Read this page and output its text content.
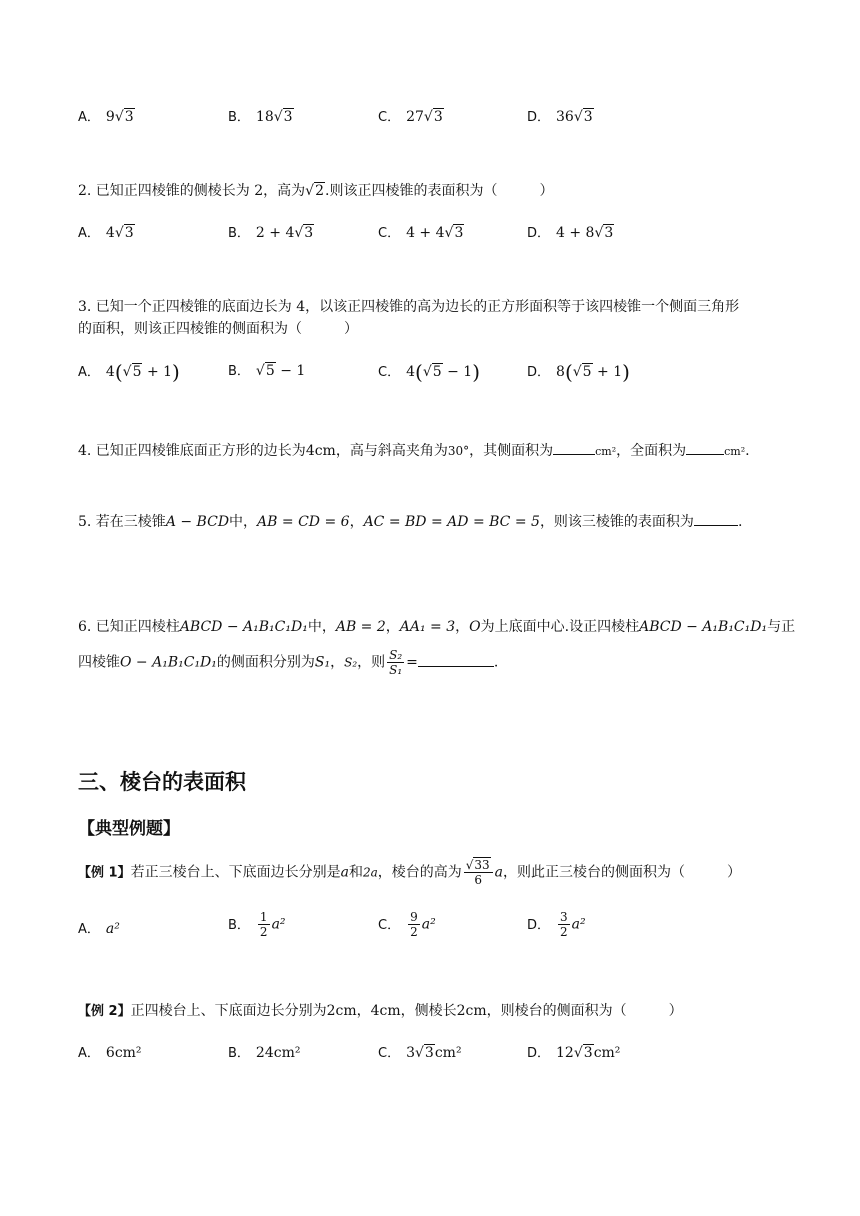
A． 9√3	B． 18√3	C． 27√3	D． 36√3
2. 已知正四棱锥的侧棱长为 2，高为√2.则该正四棱锥的表面积为（　　　）
A． 4√3	B． 2 + 4√3	C． 4 + 4√3	D． 4 + 8√3
3. 已知一个正四棱锥的底面边长为 4，以该正四棱锥的高为边长的正方形面积等于该四棱锥一个侧面三角形
的面积，则该正四棱锥的侧面积为（　　　）
A． 4(√5 + 1)	B． √5 − 1	C． 4(√5 − 1)	D． 8(√5 + 1)
4. 已知正四棱锥底面正方形的边长为4cm，高与斜高夹角为30°，其侧面积为	cm²，全面积为	cm².
5. 若在三棱锥A − BCD中，AB = CD = 6，AC = BD = AD = BC = 5，则该三棱锥的表面积为	.
6. 已知正四棱柱ABCD − A₁B₁C₁D₁中，AB = 2，AA₁ = 3，O为上底面中心.设正四棱柱ABCD − A₁B₁C₁D₁与正
四棱锥O − A₁B₁C₁D₁的侧面积分别为S₁，S₂，则 $\frac{\text{S₂}}{\text{S₁}}$ =	.
三、棱台的表面积
【典型例题】
【例 1】若正三棱台上、下底面边长分别是a和2a，棱台的高为 $\frac{√33}{6}$ a，则此正三棱台的侧面积为（　　　）
A． a²	B． $\frac{1}{2} a^2$	C． $\frac{9}{2} a^2$	D． $\frac{3}{2} a^2$
【例 2】正四棱台上、下底面边长分别为2cm，4cm，侧棱长2cm，则棱台的侧面积为（　　　）
A． 6cm²	B． 24cm²	C． 3√3cm²	D． 12√3cm²
